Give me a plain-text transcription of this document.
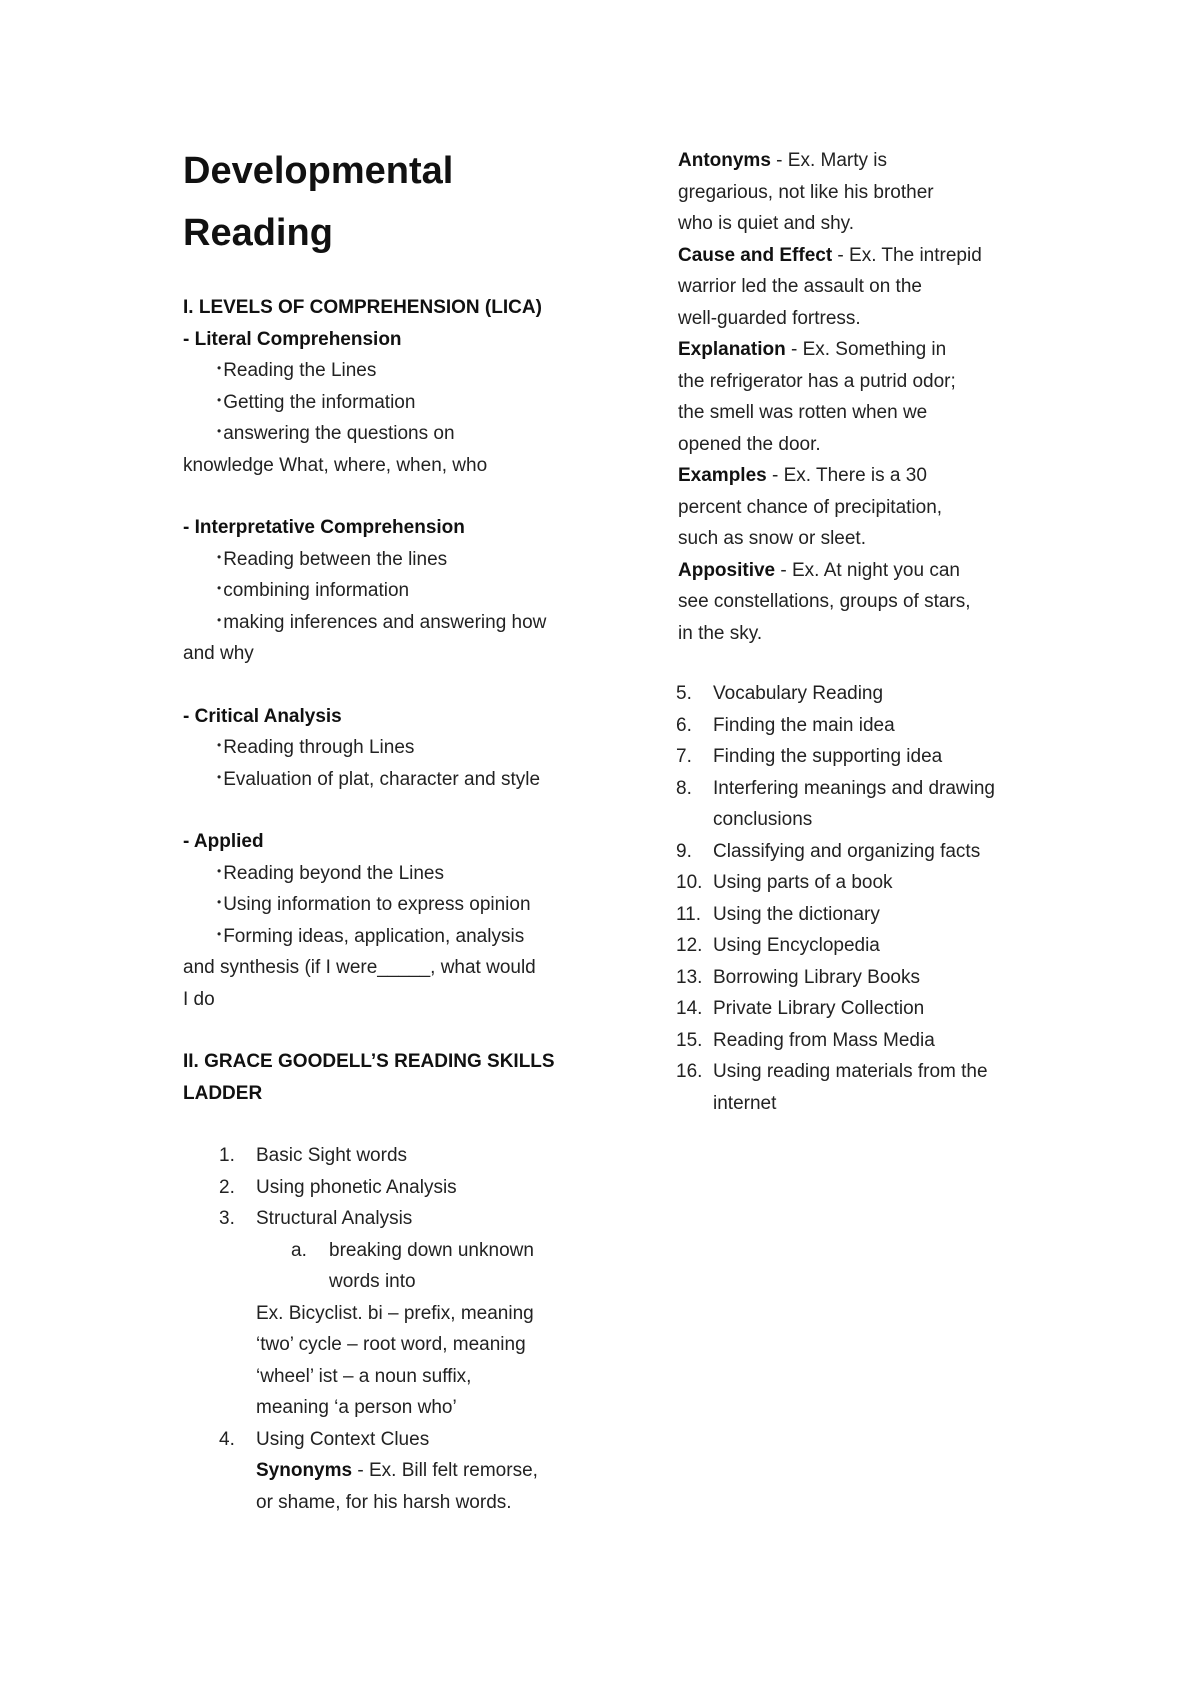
Developmental
Reading
I. LEVELS OF COMPREHENSION (LICA)
- Literal Comprehension
• Reading the Lines
• Getting the information
• answering the questions on
knowledge What, where, when, who
- Interpretative Comprehension
• Reading between the lines
• combining information
• making inferences and answering how
and why
- Critical Analysis
• Reading through Lines
• Evaluation of plat, character and style
- Applied
• Reading beyond the Lines
• Using information to express opinion
• Forming ideas, application, analysis
and synthesis (if I were_____, what would
I do
II. GRACE GOODELL’S READING SKILLS
LADDER
1.	Basic Sight words
2.	Using phonetic Analysis
3.	Structural Analysis
a. breaking down unknown
words into
Ex. Bicyclist. bi – prefix, meaning
‘two’ cycle – root word, meaning
‘wheel’ ist – a noun suffix,
meaning ‘a person who’
4.	Using Context Clues
Synonyms - Ex. Bill felt remorse,
or shame, for his harsh words.
Antonyms - Ex. Marty is
gregarious, not like his brother
who is quiet and shy.
Cause and Effect - Ex. The intrepid
warrior led the assault on the
well-guarded fortress.
Explanation - Ex. Something in
the refrigerator has a putrid odor;
the smell was rotten when we
opened the door.
Examples - Ex. There is a 30
percent chance of precipitation,
such as snow or sleet.
Appositive - Ex. At night you can
see constellations, groups of stars,
in the sky.
5.	Vocabulary Reading
6.	Finding the main idea
7.	Finding the supporting idea
8.	Interfering meanings and drawing
conclusions
9.	Classifying and organizing facts
10. Using parts of a book
11. Using the dictionary
12. Using Encyclopedia
13. Borrowing Library Books
14. Private Library Collection
15. Reading from Mass Media
16. Using reading materials from the
internet
